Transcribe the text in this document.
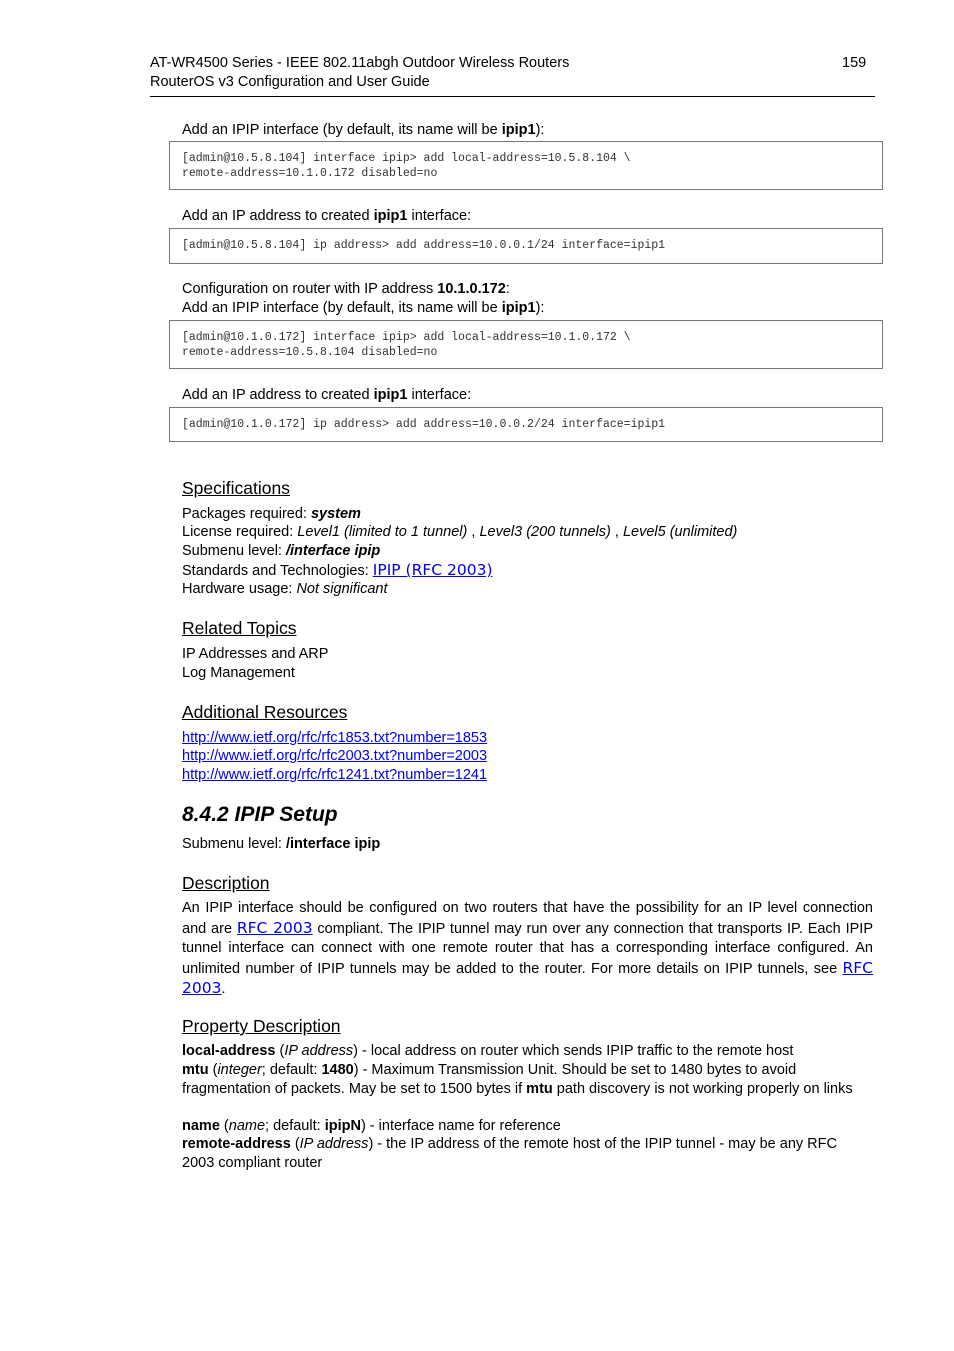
AT-WR4500 Series - IEEE 802.11abgh Outdoor Wireless Routers
RouterOS v3 Configuration and User Guide
159
Add an IPIP interface (by default, its name will be ipip1):
[admin@10.5.8.104] interface ipip> add local-address=10.5.8.104 \
remote-address=10.1.0.172 disabled=no
Add an IP address to created ipip1 interface:
[admin@10.5.8.104] ip address> add address=10.0.0.1/24 interface=ipip1
Configuration on router with IP address 10.1.0.172:
Add an IPIP interface (by default, its name will be ipip1):
[admin@10.1.0.172] interface ipip> add local-address=10.1.0.172 \
remote-address=10.5.8.104 disabled=no
Add an IP address to created ipip1 interface:
[admin@10.1.0.172] ip address> add address=10.0.0.2/24 interface=ipip1
Specifications
Packages required: system
License required: Level1 (limited to 1 tunnel) , Level3 (200 tunnels) , Level5 (unlimited)
Submenu level: /interface ipip
Standards and Technologies: IPIP (RFC 2003)
Hardware usage: Not significant
Related Topics
IP Addresses and ARP
Log Management
Additional Resources
http://www.ietf.org/rfc/rfc1853.txt?number=1853
http://www.ietf.org/rfc/rfc2003.txt?number=2003
http://www.ietf.org/rfc/rfc1241.txt?number=1241
8.4.2 IPIP Setup
Submenu level: /interface ipip
Description
An IPIP interface should be configured on two routers that have the possibility for an IP level connection and are RFC 2003 compliant. The IPIP tunnel may run over any connection that transports IP. Each IPIP tunnel interface can connect with one remote router that has a corresponding interface configured. An unlimited number of IPIP tunnels may be added to the router. For more details on IPIP tunnels, see RFC 2003.
Property Description
local-address (IP address) - local address on router which sends IPIP traffic to the remote host
mtu (integer; default: 1480) - Maximum Transmission Unit. Should be set to 1480 bytes to avoid fragmentation of packets. May be set to 1500 bytes if mtu path discovery is not working properly on links
name (name; default: ipipN) - interface name for reference
remote-address (IP address) - the IP address of the remote host of the IPIP tunnel - may be any RFC 2003 compliant router
